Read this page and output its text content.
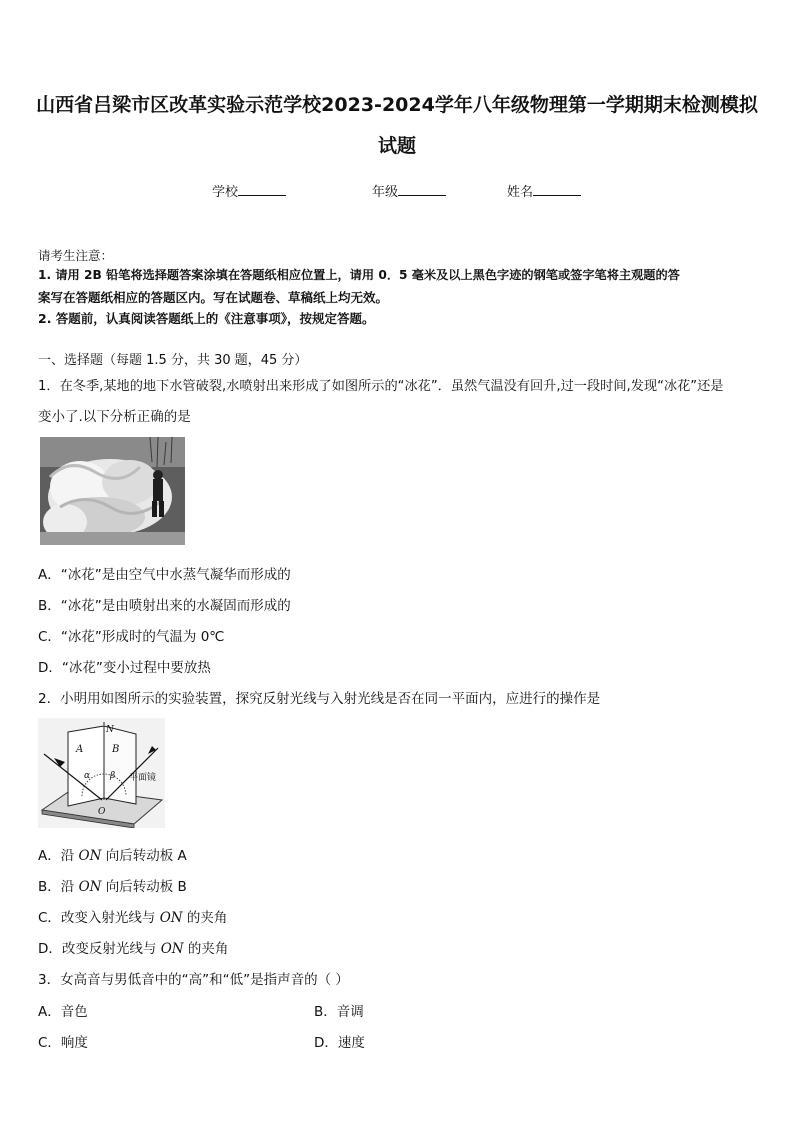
山西省吕梁市区改革实验示范学校2023-2024学年八年级物理第一学期期末检测模拟
试题
学校	年级	姓名
请考生注意：
1. 请用 2B 铅笔将选择题答案涂填在答题纸相应位置上，请用 0．5 毫米及以上黑色字迹的钢笔或签字笔将主观题的答
案写在答题纸相应的答题区内。写在试题卷、草稿纸上均无效。
2. 答题前，认真阅读答题纸上的《注意事项》，按规定答题。
一、选择题（每题 1.5 分，共 30 题，45 分）
1．在冬季,某地的地下水管破裂,水喷射出来形成了如图所示的“冰花”．虽然气温没有回升,过一段时间,发现“冰花”还是
变小了.以下分析正确的是
A．“冰花”是由空气中水蒸气凝华而形成的
B．“冰花”是由喷射出来的水凝固而形成的
C．“冰花”形成时的气温为 0℃
D．“冰花”变小过程中要放热
2．小明用如图所示的实验装置，探究反射光线与入射光线是否在同一平面内，应进行的操作是
N
A	B
α β
O
平面镜
A．沿 ON 向后转动板 A
B．沿 ON 向后转动板 B
C．改变入射光线与 ON 的夹角
D．改变反射光线与 ON 的夹角
3．女高音与男低音中的“高”和“低”是指声音的（ ）
A．音色	B．音调
C．响度	D．速度
